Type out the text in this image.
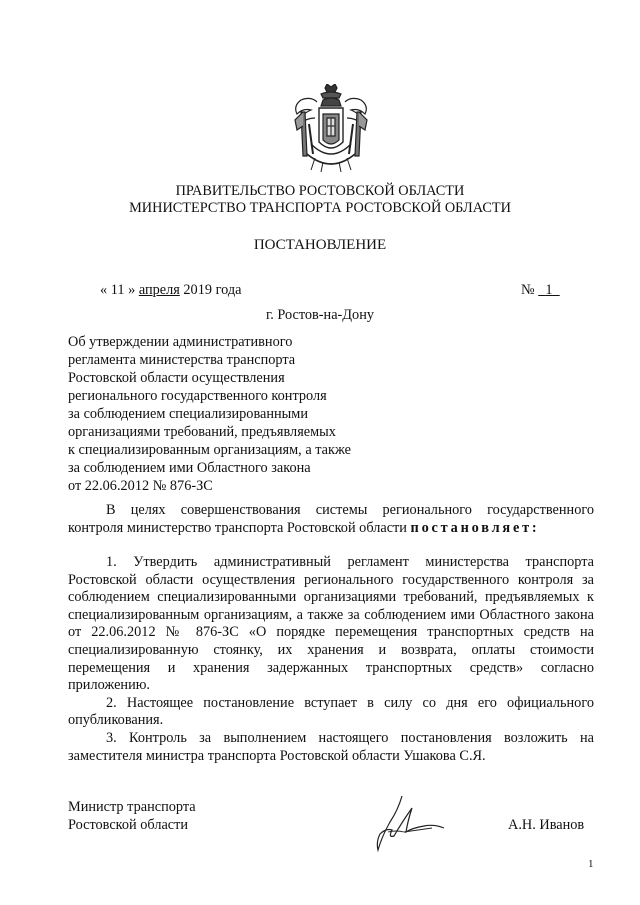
ПРАВИТЕЛЬСТВО РОСТОВСКОЙ ОБЛАСТИ
МИНИСТЕРСТВО ТРАНСПОРТА РОСТОВСКОЙ ОБЛАСТИ
ПОСТАНОВЛЕНИЕ
« 11 » апреля 2019 года	№   1
г. Ростов-на-Дону
Об утверждении административного
регламента министерства транспорта
Ростовской области осуществления
регионального государственного контроля
за соблюдением специализированными
организациями требований, предъявляемых
к специализированным организациям, а также
за соблюдением ими Областного закона
от 22.06.2012 № 876-ЗС

В целях совершенствования системы регионального государственного контроля министерство транспорта Ростовской области постановляет:

1. Утвердить административный регламент министерства транспорта Ростовской области осуществления регионального государственного контроля за соблюдением специализированными организациями требований, предъявляемых к специализированным организациям, а также за соблюдением ими Областного закона от 22.06.2012 № 876-ЗС «О порядке перемещения транспортных средств на специализированную стоянку, их хранения и возврата, оплаты стоимости перемещения и хранения задержанных транспортных средств» согласно приложению.

2. Настоящее постановление вступает в силу со дня его официального опубликования.

3. Контроль за выполнением настоящего постановления возложить на заместителя министра транспорта Ростовской области Ушакова С.Я.

Министр транспорта
Ростовской области	А.Н. Иванов
1
